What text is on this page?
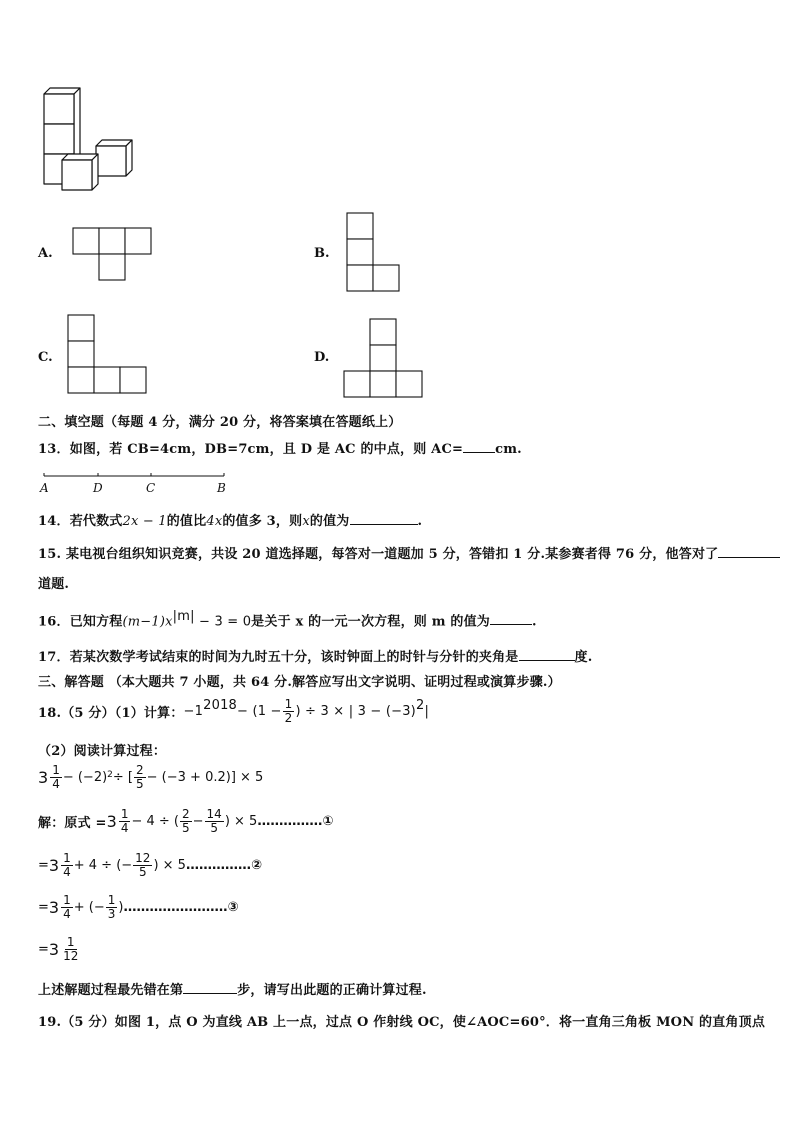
A.	B.
C.	D.
二、填空题（每题 4 分，满分 20 分，将答案填在答题纸上）
13．如图，若 CB=4cm，DB=7cm，且 D 是 AC 的中点，则 AC= cm.
A	D	C	B
14．若代数式2x − 1的值比4x的值多 3，则x的值为	.
15. 某电视台组织知识竞赛，共设 20 道选择题，每答对一道题加 5 分，答错扣 1 分.某参赛者得 76 分，他答对了
道题.
16．已知方程$(m-1)x^{|m|} - 3 = 0$是关于 x 的一元一次方程，则 m 的值为	.
17．若某次数学考试结束的时间为九时五十分，该时钟面上的时针与分针的夹角是	度.
三、解答题 （本大题共 7 小题，共 64 分.解答应写出文字说明、证明过程或演算步骤.）
18.（5 分）（1）计算： −1 $2018 - (1 - \frac{1}{2}$ ) ÷ 3 × | 3 − (−3) 2 |
（2）阅读计算过程：
$3 \frac{1}{4} - (-2) 2$ ÷ [ $\frac{2}{5} - (-3 + 0.2)] \times 5$
解：原式 = $3 \frac{1}{4} - 4$ ÷ ( $\frac{2}{5} - \frac{14}{5}$ ) × 5 ……………①
= $3 \frac{1}{4} + 4$ ÷ (− $\frac{12}{5}$ ) × 5 ……………②
= $3 \frac{1}{4}$ + (− $\frac{1}{3}$ ) ……………………③
= $3 \frac{1}{12}$
上述解题过程最先错在第	步，请写出此题的正确计算过程.
19.（5 分）如图 1，点 O 为直线 AB 上一点，过点 O 作射线 OC，使∠AOC=60°．将一直角三角板 MON 的直角顶点
